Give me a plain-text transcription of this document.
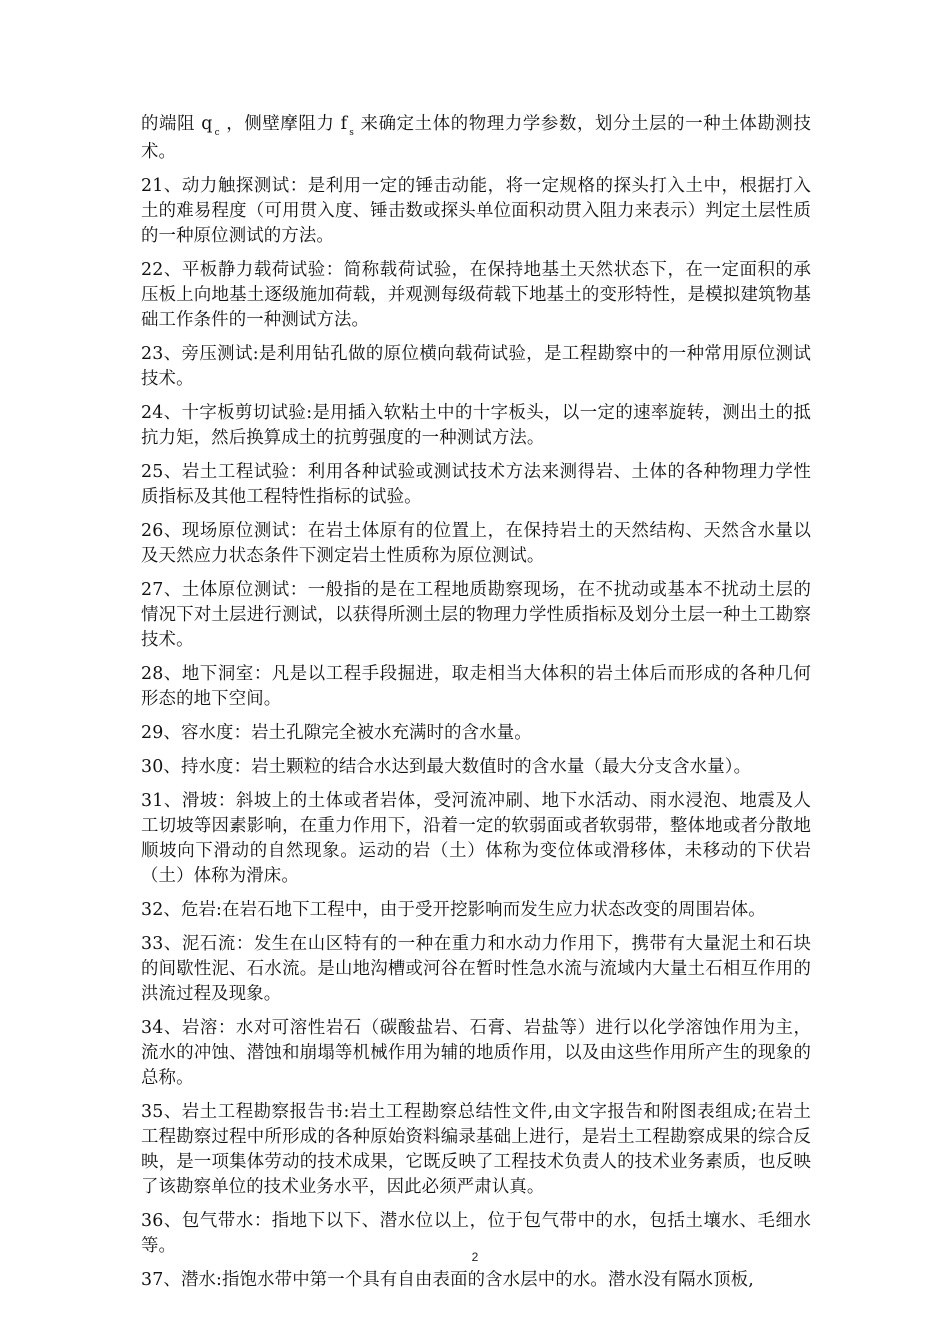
的端阻 q $_c$ ，侧壁摩阻力 f $_s$ 来确定土体的物理力学参数，划分土层的一种土体勘测技术。

21、动力触探测试：是利用一定的锤击动能，将一定规格的探头打入土中，根据打入土的难易程度（可用贯入度、锤击数或探头单位面积动贯入阻力来表示）判定土层性质的一种原位测试的方法。

22、平板静力载荷试验：简称载荷试验，在保持地基土天然状态下，在一定面积的承压板上向地基土逐级施加荷载，并观测每级荷载下地基土的变形特性，是模拟建筑物基础工作条件的一种测试方法。

23、旁压测试:是利用钻孔做的原位横向载荷试验，是工程勘察中的一种常用原位测试技术。

24、十字板剪切试验:是用插入软粘土中的十字板头，以一定的速率旋转，测出土的抵抗力矩，然后换算成土的抗剪强度的一种测试方法。

25、岩土工程试验：利用各种试验或测试技术方法来测得岩、土体的各种物理力学性质指标及其他工程特性指标的试验。

26、现场原位测试：在岩土体原有的位置上，在保持岩土的天然结构、天然含水量以及天然应力状态条件下测定岩土性质称为原位测试。

27、土体原位测试：一般指的是在工程地质勘察现场，在不扰动或基本不扰动土层的情况下对土层进行测试，以获得所测土层的物理力学性质指标及划分土层一种土工勘察技术。

28、地下洞室：凡是以工程手段掘进，取走相当大体积的岩土体后而形成的各种几何形态的地下空间。

29、容水度：岩土孔隙完全被水充满时的含水量。

30、持水度：岩土颗粒的结合水达到最大数值时的含水量（最大分支含水量）。

31、滑坡：斜坡上的土体或者岩体，受河流冲刷、地下水活动、雨水浸泡、地震及人工切坡等因素影响，在重力作用下，沿着一定的软弱面或者软弱带，整体地或者分散地顺坡向下滑动的自然现象。运动的岩（土）体称为变位体或滑移体，未移动的下伏岩（土）体称为滑床。

32、危岩:在岩石地下工程中，由于受开挖影响而发生应力状态改变的周围岩体。

33、泥石流：发生在山区特有的一种在重力和水动力作用下，携带有大量泥土和石块的间歇性泥、石水流。是山地沟槽或河谷在暂时性急水流与流域内大量土石相互作用的洪流过程及现象。

34、岩溶：水对可溶性岩石（碳酸盐岩、石膏、岩盐等）进行以化学溶蚀作用为主，流水的冲蚀、潜蚀和崩塌等机械作用为辅的地质作用，以及由这些作用所产生的现象的总称。

35、岩土工程勘察报告书:岩土工程勘察总结性文件,由文字报告和附图表组成;在岩土工程勘察过程中所形成的各种原始资料编录基础上进行，是岩土工程勘察成果的综合反映，是一项集体劳动的技术成果，它既反映了工程技术负责人的技术业务素质，也反映了该勘察单位的技术业务水平，因此必须严肃认真。

36、包气带水：指地下以下、潜水位以上，位于包气带中的水，包括土壤水、毛细水等。

37、潜水:指饱水带中第一个具有自由表面的含水层中的水。潜水没有隔水顶板,

2
